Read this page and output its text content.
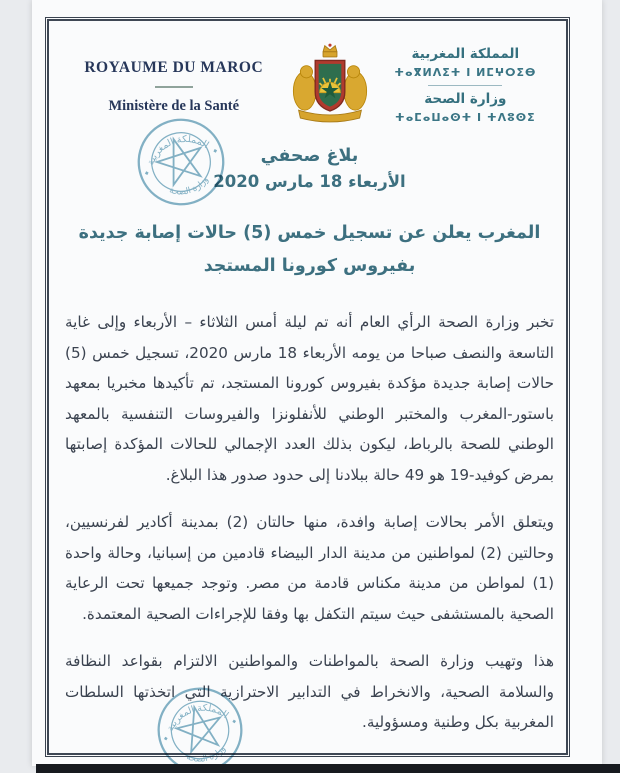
ROYAUME DU MAROC
Ministère de la Santé
المملكة المغربية
ⵜⴰⴳⵍⴷⵉⵜ ⵏ ⵍⵎⵖⵔⵉⴱ
وزارة الصحة
ⵜⴰⵎⴰⵡⴰⵙⵜ ⵏ ⵜⴷⵓⵙⵉ
المملكة المغربية
وزارة الصحة
بلاغ صحفي
الأربعاء 18 مارس 2020
المغرب يعلن عن تسجيل خمس (5) حالات إصابة جديدة بفيروس كورونا المستجد

تخبر وزارة الصحة الرأي العام أنه تم ليلة أمس الثلاثاء – الأربعاء وإلى غاية التاسعة والنصف صباحا من يومه الأربعاء 18 مارس 2020، تسجيل خمس (5) حالات إصابة جديدة مؤكدة بفيروس كورونا المستجد، تم تأكيدها مخبريا بمعهد باستور-المغرب والمختبر الوطني للأنفلونزا والفيروسات التنفسية بالمعهد الوطني للصحة بالرباط، ليكون بذلك العدد الإجمالي للحالات المؤكدة إصابتها بمرض كوفيد-19 هو 49 حالة ببلادنا إلى حدود صدور هذا البلاغ.

ويتعلق الأمر بحالات إصابة وافدة، منها حالتان (2) بمدينة أكادير لفرنسيين، وحالتين (2) لمواطنين من مدينة الدار البيضاء قادمين من إسبانيا، وحالة واحدة (1) لمواطن من مدينة مكناس قادمة من مصر. وتوجد جميعها تحت الرعاية الصحية بالمستشفى حيث سيتم التكفل بها وفقا للإجراءات الصحية المعتمدة.

هذا وتهيب وزارة الصحة بالمواطنات والمواطنين الالتزام بقواعد النظافة والسلامة الصحية، والانخراط في التدابير الاحترازية التي اتخذتها السلطات المغربية بكل وطنية ومسؤولية.

المملكة المغربية
وزارة الصحة
